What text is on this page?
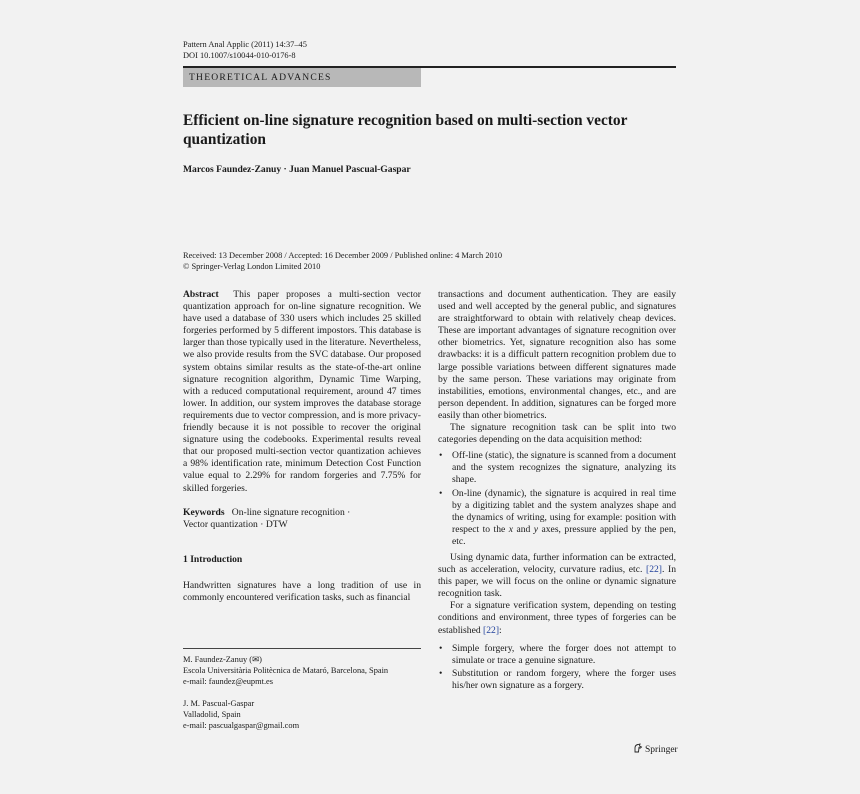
Pattern Anal Applic (2011) 14:37–45
DOI 10.1007/s10044-010-0176-8
THEORETICAL ADVANCES
Efficient on-line signature recognition based on multi-section vector quantization
Marcos Faundez-Zanuy · Juan Manuel Pascual-Gaspar
Received: 13 December 2008 / Accepted: 16 December 2009 / Published online: 4 March 2010
© Springer-Verlag London Limited 2010

Abstract This paper proposes a multi-section vector quantization approach for on-line signature recognition. We have used a database of 330 users which includes 25 skilled forgeries performed by 5 different impostors. This database is larger than those typically used in the literature. Nevertheless, we also provide results from the SVC database. Our proposed system obtains similar results as the state-of-the-art online signature recognition algorithm, Dynamic Time Warping, with a reduced computational requirement, around 47 times lower. In addition, our system improves the database storage requirements due to vector compression, and is more privacy-friendly because it is not possible to recover the original signature using the codebooks. Experimental results reveal that our proposed multi-section vector quantization achieves a 98% identification rate, minimum Detection Cost Function value equal to 2.29% for random forgeries and 7.75% for skilled forgeries.

Keywords On-line signature recognition ·
Vector quantization · DTW

1 Introduction

Handwritten signatures have a long tradition of use in commonly encountered verification tasks, such as financial

M. Faundez-Zanuy (✉)
Escola Universitària Politècnica de Mataró, Barcelona, Spain
e-mail: faundez@eupmt.es
J. M. Pascual-Gaspar
Valladolid, Spain
e-mail: pascualgaspar@gmail.com

transactions and document authentication. They are easily used and well accepted by the general public, and signatures are straightforward to obtain with relatively cheap devices. These are important advantages of signature recognition over other biometrics. Yet, signature recognition also has some drawbacks: it is a difficult pattern recognition problem due to large possible variations between different signatures made by the same person. These variations may originate from instabilities, emotions, environmental changes, etc., and are person dependent. In addition, signatures can be forged more easily than other biometrics.

The signature recognition task can be split into two categories depending on the data acquisition method:

• Off-line (static), the signature is scanned from a document and the system recognizes the signature, analyzing its shape.
• On-line (dynamic), the signature is acquired in real time by a digitizing tablet and the system analyzes shape and the dynamics of writing, using for example: position with respect to the x and y axes, pressure applied by the pen, etc.

Using dynamic data, further information can be extracted, such as acceleration, velocity, curvature radius, etc. [22]. In this paper, we will focus on the online or dynamic signature recognition task.

For a signature verification system, depending on testing conditions and environment, three types of forgeries can be established [22]:

• Simple forgery, where the forger does not attempt to simulate or trace a genuine signature.
• Substitution or random forgery, where the forger uses his/her own signature as a forgery.
Springer
